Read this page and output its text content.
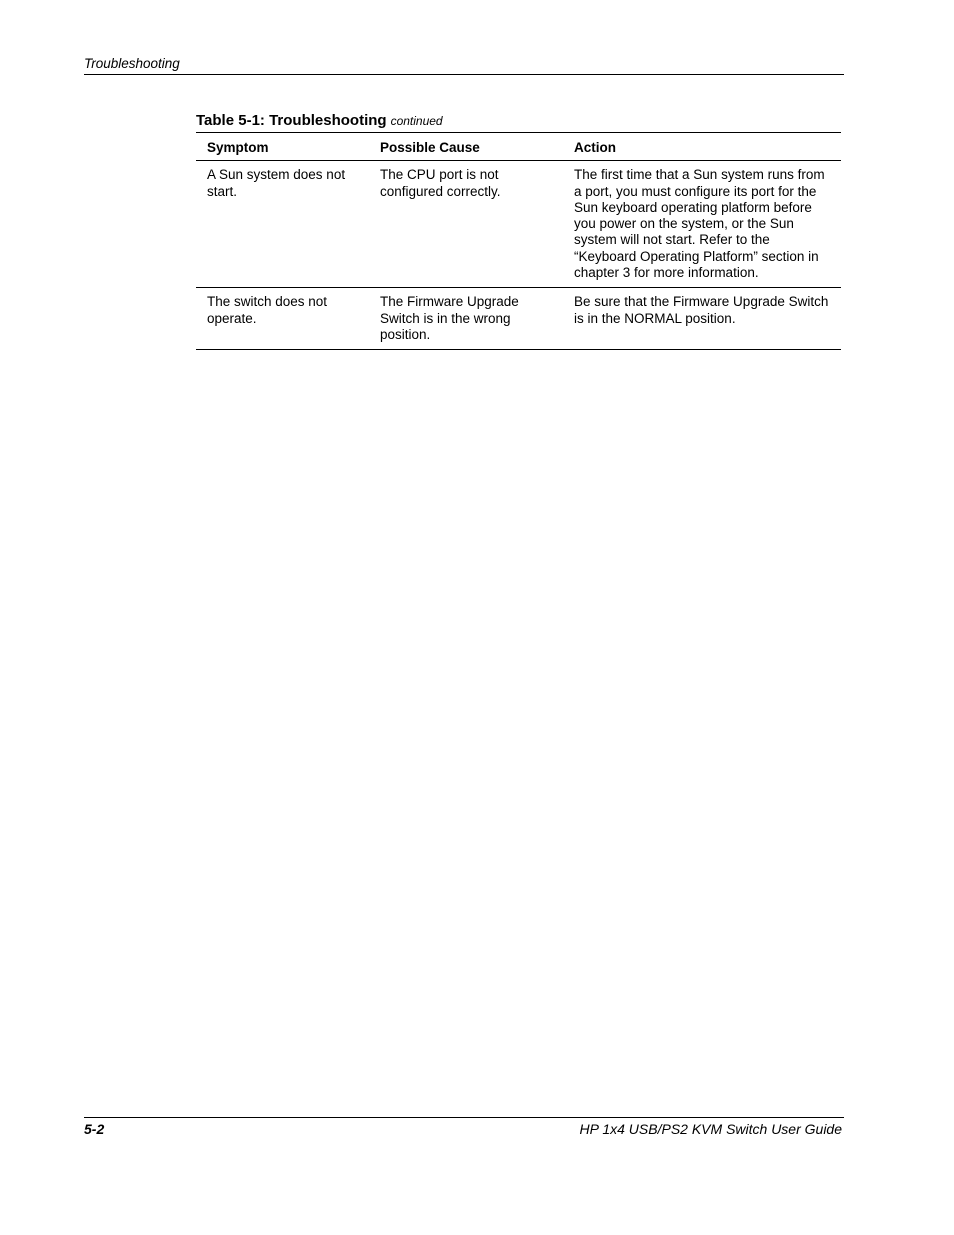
Troubleshooting
Table 5-1: Troubleshooting continued
Symptom	Possible Cause	Action
A Sun system does not start.	The CPU port is not configured correctly.	The first time that a Sun system runs from a port, you must configure its port for the Sun keyboard operating platform before you power on the system, or the Sun system will not start. Refer to the “Keyboard Operating Platform” section in chapter 3 for more information.
The switch does not operate.	The Firmware Upgrade Switch is in the wrong position.	Be sure that the Firmware Upgrade Switch is in the NORMAL position.
5-2	HP 1x4 USB/PS2 KVM Switch User Guide
